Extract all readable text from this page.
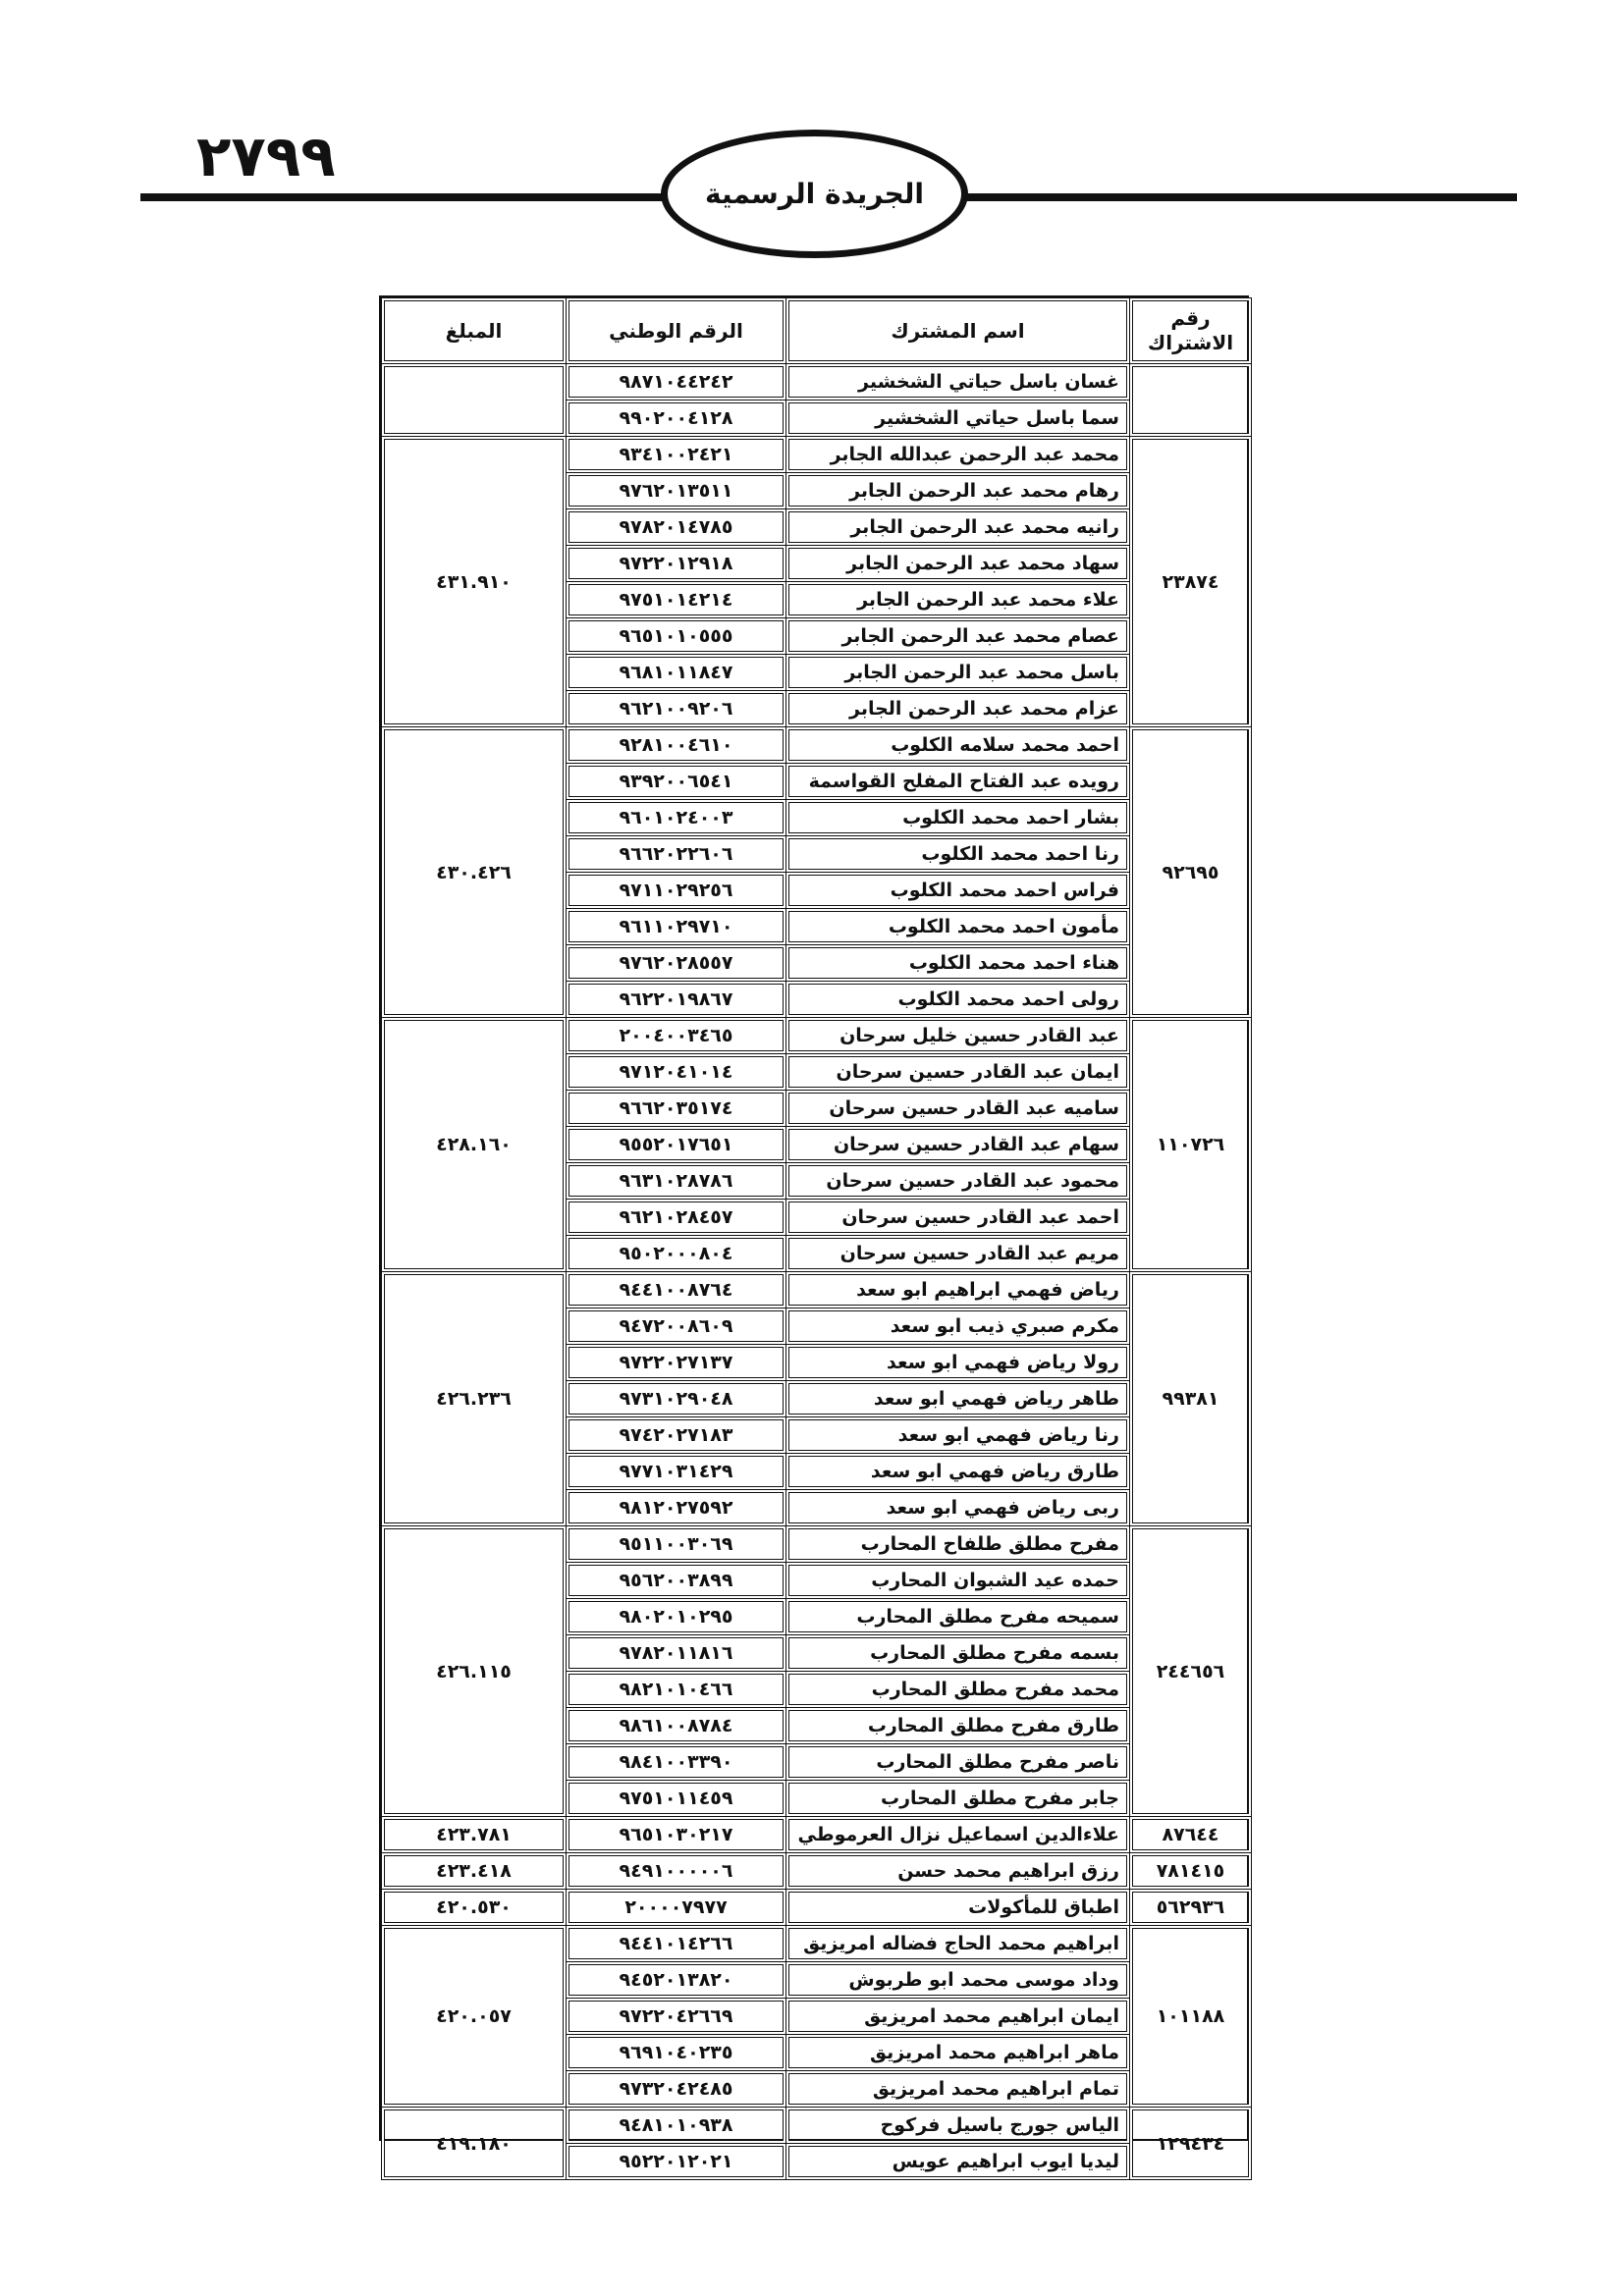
٢٧٩٩
الجريدة الرسمية
رقم الاشتراك	اسم المشترك	الرقم الوطني	المبلغ
	غسان باسل حياتي الشخشير	٩٨٧١٠٤٤٢٤٢	
	سما باسل حياتي الشخشير	٩٩٠٢٠٠٤١٢٨	
٢٣٨٧٤	محمد عبد الرحمن عبدالله الجابر	٩٣٤١٠٠٢٤٢١	٤٣١.٩١٠
	رهام محمد عبد الرحمن الجابر	٩٧٦٢٠١٣٥١١	
	رانيه محمد عبد الرحمن الجابر	٩٧٨٢٠١٤٧٨٥	
	سهاد محمد عبد الرحمن الجابر	٩٧٢٢٠١٢٩١٨	
	علاء محمد عبد الرحمن الجابر	٩٧٥١٠١٤٢١٤	
	عصام محمد عبد الرحمن الجابر	٩٦٥١٠١٠٥٥٥	
	باسل محمد عبد الرحمن الجابر	٩٦٨١٠١١٨٤٧	
	عزام محمد عبد الرحمن الجابر	٩٦٢١٠٠٩٢٠٦	
٩٢٦٩٥	احمد محمد سلامه الكلوب	٩٢٨١٠٠٤٦١٠	٤٣٠.٤٢٦
	رويده عبد الفتاح المفلح القواسمة	٩٣٩٢٠٠٦٥٤١	
	بشار احمد محمد الكلوب	٩٦٠١٠٢٤٠٠٣	
	رنا احمد محمد الكلوب	٩٦٦٢٠٢٢٦٠٦	
	فراس احمد محمد الكلوب	٩٧١١٠٢٩٢٥٦	
	مأمون احمد محمد الكلوب	٩٦١١٠٢٩٧١٠	
	هناء احمد محمد الكلوب	٩٧٦٢٠٢٨٥٥٧	
	رولى احمد محمد الكلوب	٩٦٢٢٠١٩٨٦٧	
١١٠٧٢٦	عبد القادر حسين خليل سرحان	٢٠٠٤٠٠٣٤٦٥	٤٢٨.١٦٠
	ايمان عبد القادر حسين سرحان	٩٧١٢٠٤١٠١٤	
	ساميه عبد القادر حسين سرحان	٩٦٦٢٠٣٥١٧٤	
	سهام عبد القادر حسين سرحان	٩٥٥٢٠١٧٦٥١	
	محمود عبد القادر حسين سرحان	٩٦٣١٠٢٨٧٨٦	
	احمد عبد القادر حسين سرحان	٩٦٢١٠٢٨٤٥٧	
	مريم عبد القادر حسين سرحان	٩٥٠٢٠٠٠٨٠٤	
٩٩٣٨١	رياض فهمي ابراهيم ابو سعد	٩٤٤١٠٠٨٧٦٤	٤٢٦.٢٣٦
	مكرم صبري ذيب ابو سعد	٩٤٧٢٠٠٨٦٠٩	
	رولا رياض فهمي ابو سعد	٩٧٢٢٠٢٧١٣٧	
	طاهر رياض فهمي ابو سعد	٩٧٣١٠٢٩٠٤٨	
	رنا رياض فهمي ابو سعد	٩٧٤٢٠٢٧١٨٣	
	طارق رياض فهمي ابو سعد	٩٧٧١٠٣١٤٢٩	
	ربى رياض فهمي ابو سعد	٩٨١٢٠٢٧٥٩٢	
٢٤٤٦٥٦	مفرح مطلق طلفاح المحارب	٩٥١١٠٠٣٠٦٩	٤٢٦.١١٥
	حمده عيد الشبوان المحارب	٩٥٦٢٠٠٣٨٩٩	
	سميحه مفرح مطلق المحارب	٩٨٠٢٠١٠٢٩٥	
	بسمه مفرح مطلق المحارب	٩٧٨٢٠١١٨١٦	
	محمد مفرح مطلق المحارب	٩٨٢١٠١٠٤٦٦	
	طارق مفرح مطلق المحارب	٩٨٦١٠٠٨٧٨٤	
	ناصر مفرح مطلق المحارب	٩٨٤١٠٠٣٣٩٠	
	جابر مفرح مطلق المحارب	٩٧٥١٠١١٤٥٩	
٨٧٦٤٤	علاءالدين اسماعيل نزال العرموطي	٩٦٥١٠٣٠٢١٧	٤٢٣.٧٨١
٧٨١٤١٥	رزق ابراهيم محمد حسن	٩٤٩١٠٠٠٠٠٦	٤٢٣.٤١٨
٥٦٢٩٣٦	اطباق للمأكولات	٢٠٠٠٠٧٩٧٧	٤٢٠.٥٣٠
١٠١١٨٨	ابراهيم محمد الحاج فضاله امريزيق	٩٤٤١٠١٤٢٦٦	٤٢٠.٠٥٧
	وداد موسى محمد ابو طربوش	٩٤٥٢٠١٣٨٢٠	
	ايمان ابراهيم محمد امريزيق	٩٧٢٢٠٤٢٦٦٩	
	ماهر ابراهيم محمد امريزيق	٩٦٩١٠٤٠٢٣٥	
	تمام ابراهيم محمد امريزيق	٩٧٣٢٠٤٢٤٨٥	
١٢٩٤٣٤	الياس جورج باسيل فركوح	٩٤٨١٠١٠٩٣٨	٤١٩.١٨٠
	ليديا ايوب ابراهيم عويس	٩٥٢٢٠١٢٠٢١	
